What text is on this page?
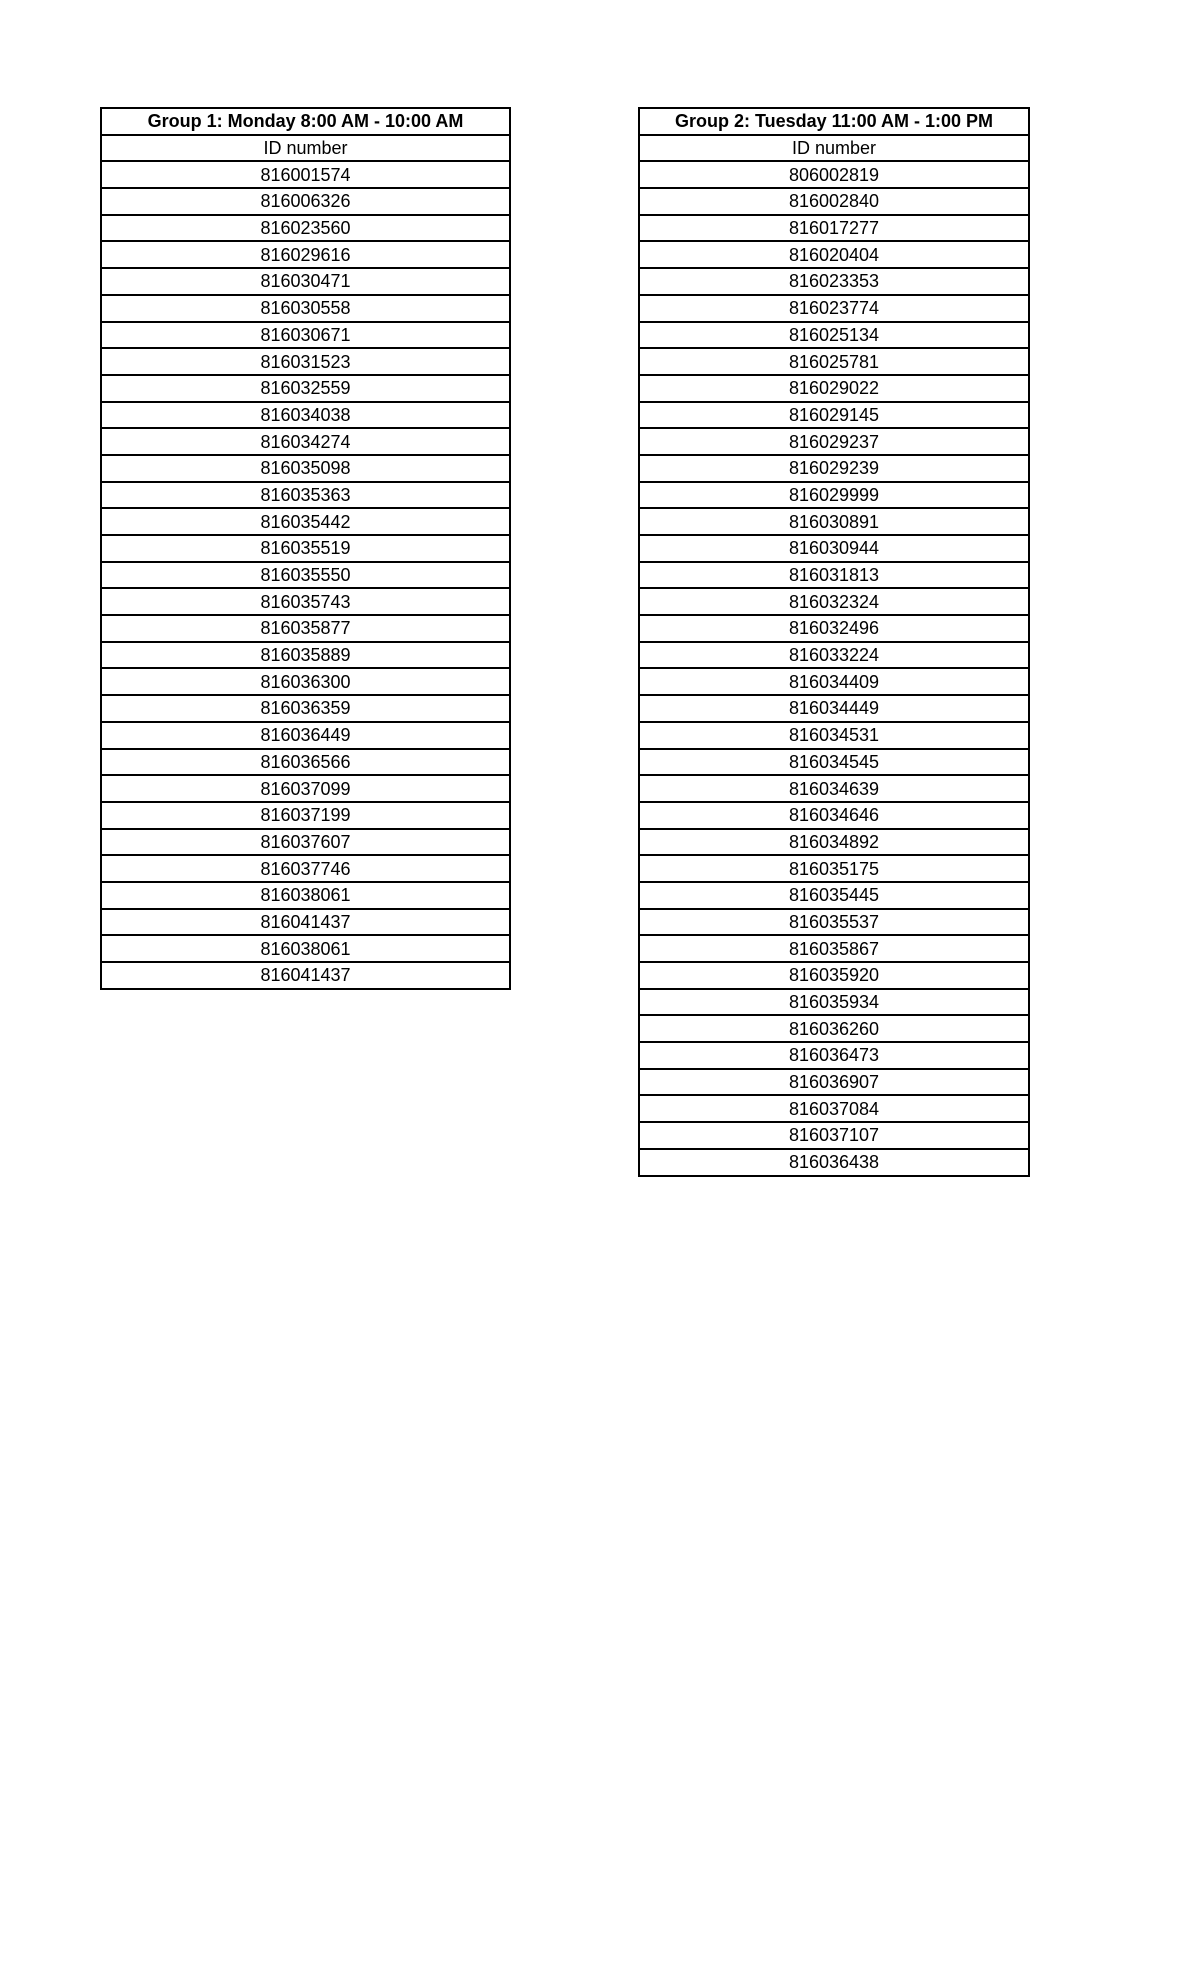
Group 1: Monday 8:00 AM - 10:00 AM
ID number
816001574
816006326
816023560
816029616
816030471
816030558
816030671
816031523
816032559
816034038
816034274
816035098
816035363
816035442
816035519
816035550
816035743
816035877
816035889
816036300
816036359
816036449
816036566
816037099
816037199
816037607
816037746
816038061
816041437
816038061
816041437
Group 2: Tuesday 11:00 AM - 1:00 PM
ID number
806002819
816002840
816017277
816020404
816023353
816023774
816025134
816025781
816029022
816029145
816029237
816029239
816029999
816030891
816030944
816031813
816032324
816032496
816033224
816034409
816034449
816034531
816034545
816034639
816034646
816034892
816035175
816035445
816035537
816035867
816035920
816035934
816036260
816036473
816036907
816037084
816037107
816036438
